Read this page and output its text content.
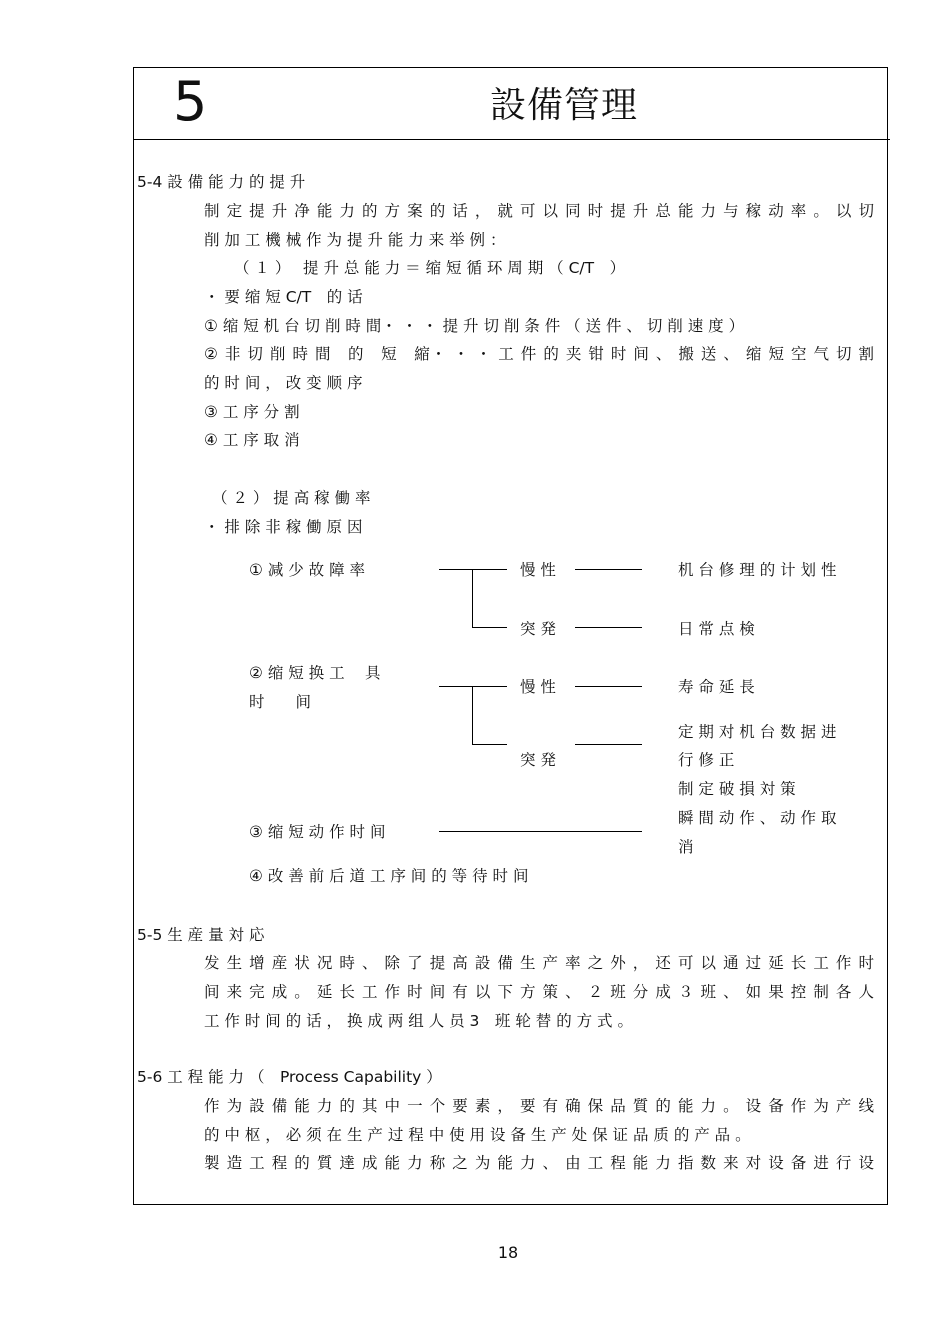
5	設備管理
5-4 設 備 能 力 的 提 升
制 定 提 升 净 能 力 的 方 案 的 话 ， 就 可 以 同 时 提 升 总 能 力 与 稼 动 率 。 以 切
削 加 工 機 械 作 为 提 升 能 力 来 举 例 ：
（ １ ）　 提 升 总 能 力 ＝ 缩 短 循 环 周 期 （ C/T　）
・ 要 缩 短 C/T　的 话
① 缩 短 机 台 切 削 時 間・ ・ ・ 提 升 切 削 条 件 （ 送 件 、 切 削 速 度 ）
② 非 切 削 時 間　的　短　縮・ ・ ・ 工 件 的 夹 钳 时 间 、 搬 送 、 缩 短 空 气 切 割
的 时 间 ， 改 变 顺 序
③ 工 序 分 割
④ 工 序 取 消
（ ２ ） 提 高 稼 働 率
・ 排 除 非 稼 働 原 因
① 减 少 故 障 率
② 缩 短 换 工　 具
时　　间
③ 缩 短 动 作 时 间
④ 改 善 前 后 道 工 序 间 的 等 待 时 间
慢 性
突 発
慢 性
突 発
机 台 修 理 的 计 划 性
日 常 点 検
寿 命 延 長
定 期 对 机 台 数 据 进
行 修 正
制 定 破 損 対 策
瞬 間 动 作 、 动 作 取
消
5-5 生 産 量 対 応
发 生 增 産 状 况 時 、 除 了 提 高 設 備 生 产 率 之 外 ， 还 可 以 通 过 延 长 工 作 时
间 来 完 成 。 延 长 工 作 时 间 有 以 下 方 策 、 ２ 班 分 成 ３ 班 、 如 果 控 制 各 人
工 作 时 间 的 话 ， 换 成 两 组 人 员 3　班 轮 替 的 方 式 。
5-6 工 程 能 力 （　Process Capability ）
作 为 設 備 能 力 的 其 中 一 个 要 素 ， 要 有 确 保 品 質 的 能 力 。 设 备 作 为 产 线
的 中 枢 ， 必 须 在 生 产 过 程 中 使 用 设 备 生 产 处 保 证 品 质 的 产 品 。
製 造 工 程 的 質 達 成 能 力 称 之 为 能 力 、 由 工 程 能 力 指 数 来 对 设 备 进 行 设
18
